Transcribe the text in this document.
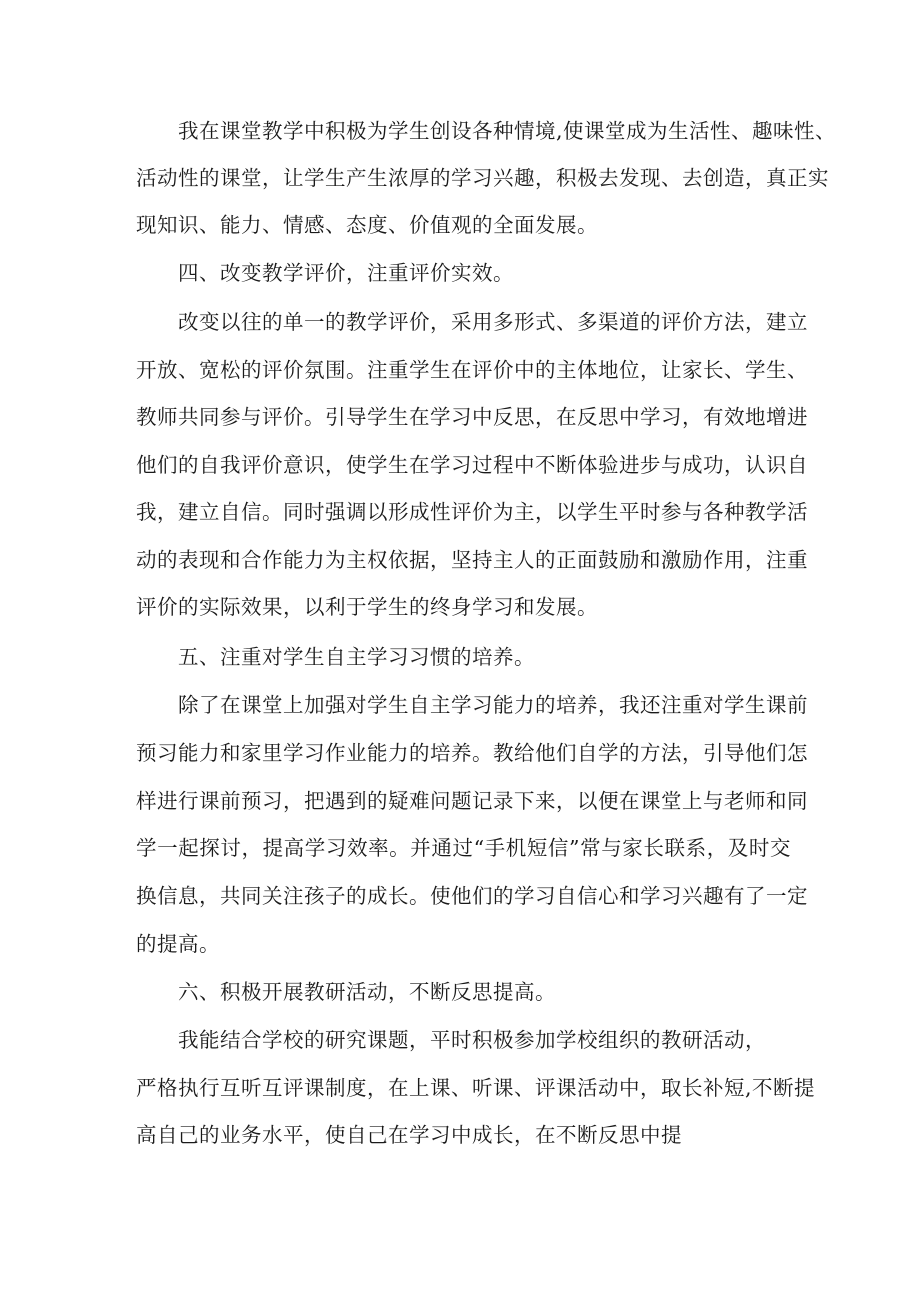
我在课堂教学中积极为学生创设各种情境,使课堂成为生活性、趣味性、
活动性的课堂，让学生产生浓厚的学习兴趣，积极去发现、去创造，真正实
现知识、能力、情感、态度、价值观的全面发展。
四、改变教学评价，注重评价实效。
改变以往的单一的教学评价，采用多形式、多渠道的评价方法，建立
开放、宽松的评价氛围。注重学生在评价中的主体地位，让家长、学生、
教师共同参与评价。引导学生在学习中反思，在反思中学习，有效地增进
他们的自我评价意识，使学生在学习过程中不断体验进步与成功，认识自
我，建立自信。同时强调以形成性评价为主，以学生平时参与各种教学活
动的表现和合作能力为主权依据，坚持主人的正面鼓励和激励作用，注重
评价的实际效果，以利于学生的终身学习和发展。
五、注重对学生自主学习习惯的培养。
除了在课堂上加强对学生自主学习能力的培养，我还注重对学生课前
预习能力和家里学习作业能力的培养。教给他们自学的方法，引导他们怎
样进行课前预习，把遇到的疑难问题记录下来，以便在课堂上与老师和同
学一起探讨，提高学习效率。并通过“手机短信”常与家长联系，及时交
换信息，共同关注孩子的成长。使他们的学习自信心和学习兴趣有了一定
的提高。
六、积极开展教研活动，不断反思提高。
我能结合学校的研究课题，平时积极参加学校组织的教研活动，
严格执行互听互评课制度，在上课、听课、评课活动中，取长补短,不断提
高自己的业务水平，使自己在学习中成长，在不断反思中提
